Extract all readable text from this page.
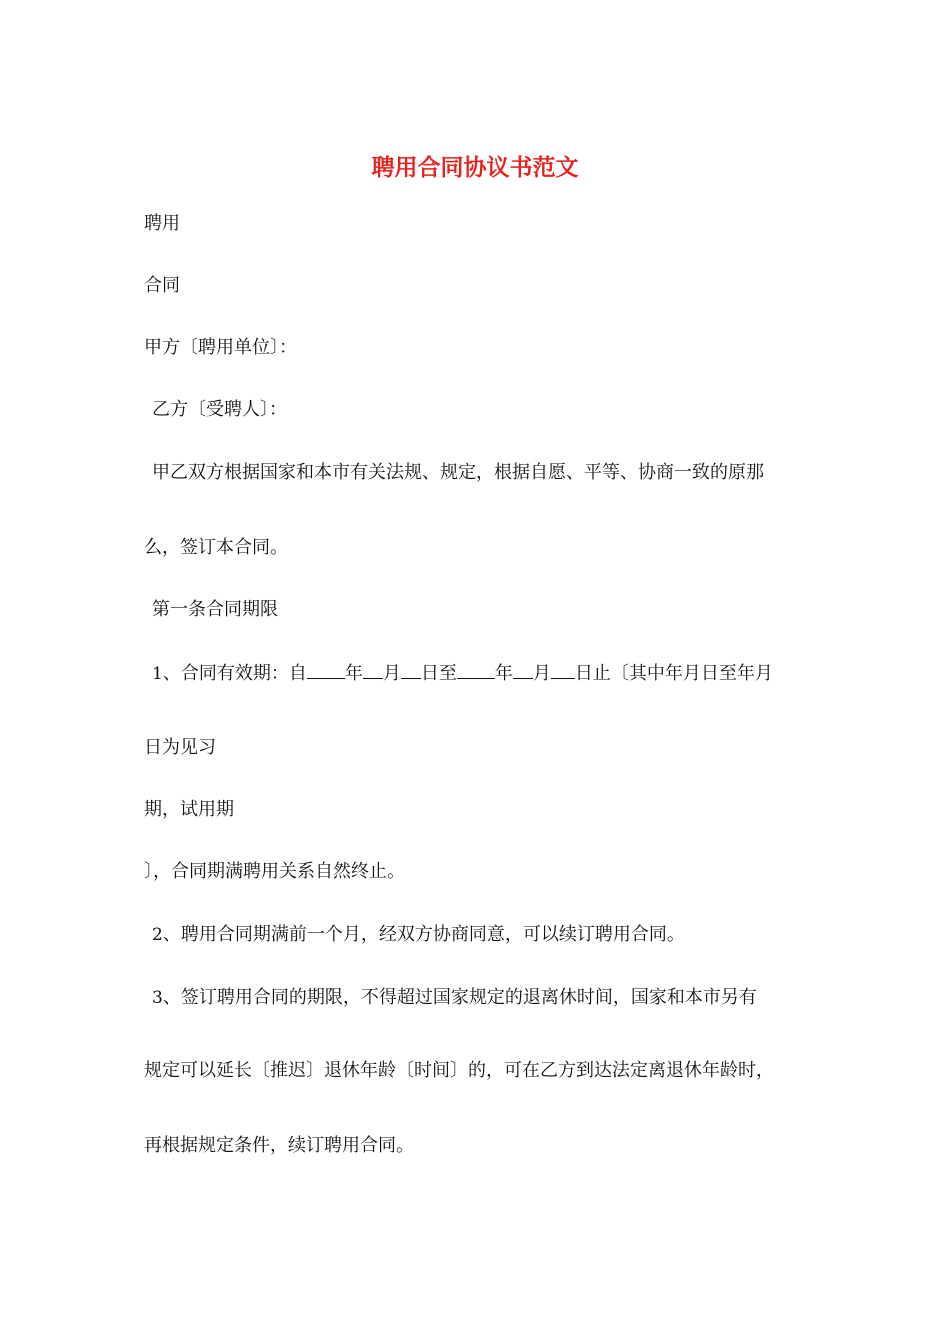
聘用合同协议书范文

聘用

合同

甲方〔聘用单位〕：

乙方〔受聘人〕：

甲乙双方根据国家和本市有关法规、规定，根据自愿、平等、协商一致的原那

么，签订本合同。

第一条合同期限

1、合同有效期：自 年 月 日至 年 月 日止〔其中年月日至年月

日为见习

期，试用期

〕，合同期满聘用关系自然终止。

2、聘用合同期满前一个月，经双方协商同意，可以续订聘用合同。

3、签订聘用合同的期限，不得超过国家规定的退离休时间，国家和本市另有

规定可以延长〔推迟〕退休年龄〔时间〕的，可在乙方到达法定离退休年龄时，

再根据规定条件，续订聘用合同。
